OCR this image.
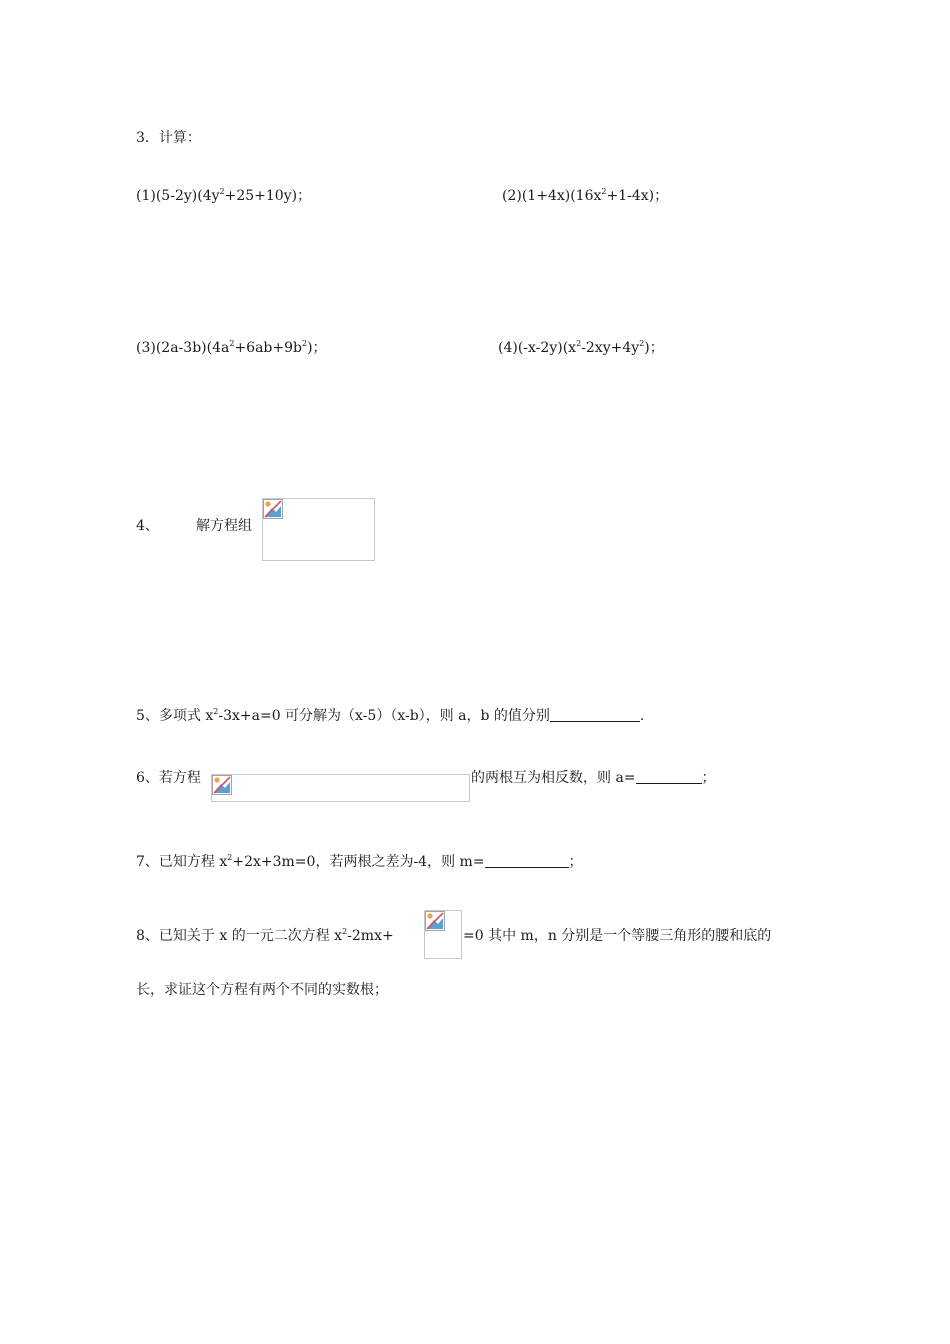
3．计算：
$(1)(5-2y)(4y^2+25+10y)$；	$(2)(1+4x)(16x^2+1-4x)$；
$(3)(2a-3b)(4a^2+6ab+9b^2)$；	$(4)(-x-2y)(x^2-2xy+4y^2)$；
4、	解方程组
5、多项式 $x^2-3x+a=0$ 可分解为（x-5）（x-b），则 a，b 的值分别	.
6、若方程	的两根互为相反数，则 a=	；
7、已知方程 $x^2+2x+3m=0$，若两根之差为-4，则 m=	；
8、已知关于 x 的一元二次方程 $x^2-2mx+$	=0 其中 m，n 分别是一个等腰三角形的腰和底的
长，求证这个方程有两个不同的实数根；
